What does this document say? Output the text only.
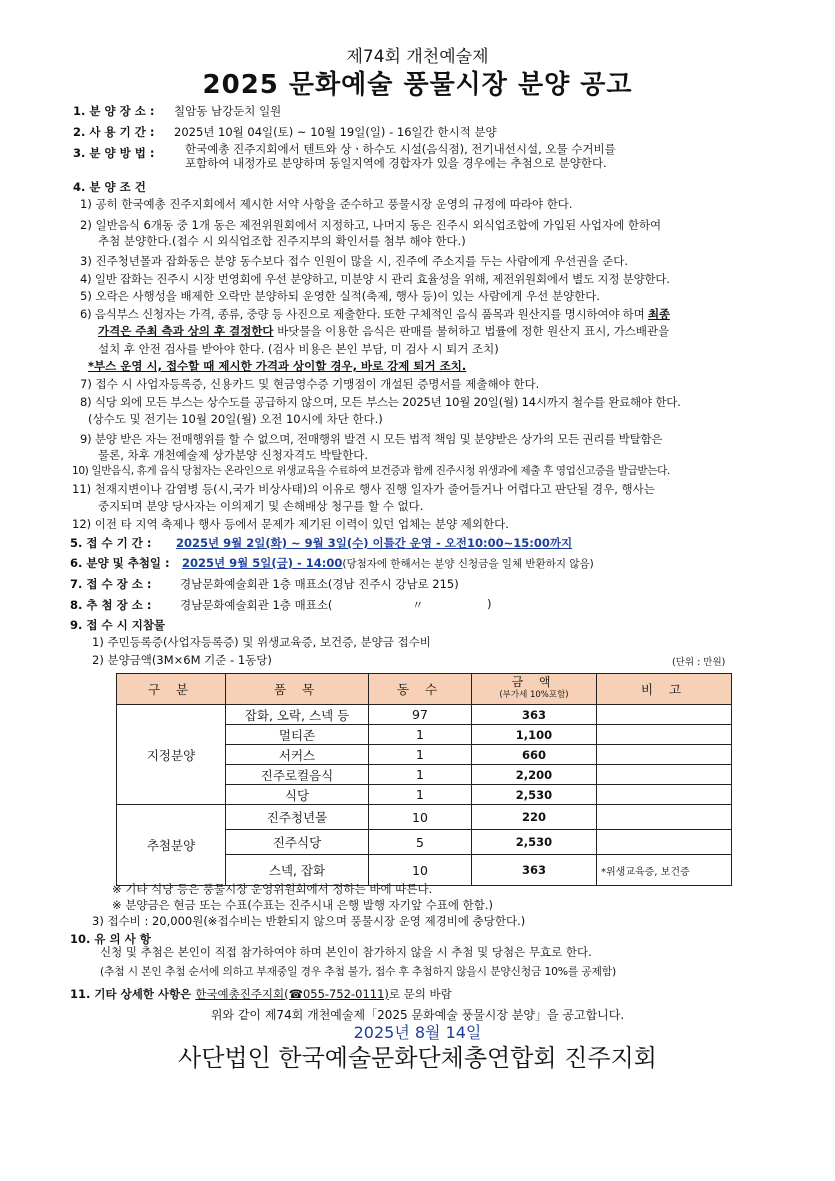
제74회 개천예술제
2025 문화예술 풍물시장 분양 공고
1. 분 양 장 소 : 칠암동 남강둔치 일원
2. 사 용 기 간 : 2025년 10월 04일(토) ~ 10월 19일(일) - 16일간 한시적 분양
3. 분 양 방 법 :	한국예총 진주지회에서 텐트와 상ㆍ하수도 시설(음식점), 전기내선시설, 오물 수거비를
포함하여 내정가로 분양하며 동일지역에 경합자가 있을 경우에는 추첨으로 분양한다.
4. 분 양 조 건
1) 공히 한국예총 진주지회에서 제시한 서약 사항을 준수하고 풍물시장 운영의 규정에 따라야 한다.
2) 일반음식 6개동 중 1개 동은 제전위원회에서 지정하고, 나머지 동은 진주시 외식업조합에 가입된 사업자에 한하여
추첨 분양한다.(접수 시 외식업조합 진주지부의 확인서를 첨부 해야 한다.)
3) 진주청년몰과 잡화동은 분양 동수보다 접수 인원이 많을 시, 진주에 주소지를 두는 사람에게 우선권을 준다.
4) 일반 잡화는 진주시 시장 번영회에 우선 분양하고, 미분양 시 관리 효율성을 위해, 제전위원회에서 별도 지정 분양한다.
5) 오락은 사행성을 배제한 오락만 분양하되 운영한 실적(축제, 행사 등)이 있는 사람에게 우선 분양한다.
6) 음식부스 신청자는 가격, 종류, 중량 등 사진으로 제출한다. 또한 구체적인 음식 품목과 원산지를 명시하여야 하며 최종
가격은 주최 측과 상의 후 결정한다 바닷물을 이용한 음식은 판매를 불허하고 법률에 정한 원산지 표시, 가스배관을
설치 후 안전 검사를 받아야 한다. (검사 비용은 본인 부담, 미 검사 시 퇴거 조치)
*부스 운영 시, 접수할 때 제시한 가격과 상이할 경우, 바로 강제 퇴거 조치.
7) 접수 시 사업자등록증, 신용카드 및 현금영수증 기맹점이 개설된 증명서를 제출해야 한다.
8) 식당 외에 모든 부스는 상수도를 공급하지 않으며, 모든 부스는 2025년 10월 20일(월) 14시까지 철수를 완료해야 한다.
(상수도 및 전기는 10월 20일(월) 오전 10시에 차단 한다.)
9) 분양 받은 자는 전매행위를 할 수 없으며, 전매행위 발견 시 모든 법적 책임 및 분양받은 상가의 모든 권리를 박탈함은
물론, 차후 개천예술제 상가분양 신청자격도 박탈한다.
10) 일반음식, 휴게 음식 당첨자는 온라인으로 위생교육을 수료하여 보건증과 함께 진주시청 위생과에 제출 후 영업신고증을 발급받는다.
11) 천재지변이나 감염병 등(시,국가 비상사태)의 이유로 행사 진행 일자가 줄어들거나 어렵다고 판단될 경우, 행사는
중지되며 분양 당사자는 이의제기 및 손해배상 청구를 할 수 없다.
12) 이전 타 지역 축제나 행사 등에서 문제가 제기된 이력이 있던 업체는 분양 제외한다.
5. 접 수 기 간 : 2025년 9월 2일(화) ~ 9월 3일(수) 이틀간 운영 - 오전10:00~15:00까지
6. 분양 및 추첨일 : 2025년 9월 5일(금) - 14:00(당첨자에 한해서는 분양 신청금을 일체 반환하지 않음)
7. 접 수 장 소 : 경남문화예술회관 1층 매표소(경남 진주시 강남로 215)
8. 추 첨 장 소 : 경남문화예술회관 1층 매표소(	〃	)
9. 접 수 시 지참물
1) 주민등록증(사업자등록증) 및 위생교육증, 보건증, 분양금 접수비
2) 분양금액(3M×6M 기준 - 1동당)	(단위 : 만원)
구 분	품 목	동 수	금 액
(부가세 10%포함)	비 고
지정분양	잡화, 오락, 스넥 등	97	363	
	멀티존	1	1,100	
	서커스	1	660	
	진주로컬음식	1	2,200	
	식당	1	2,530	
추첨분양	진주청년몰	10	220	
	진주식당	5	2,530	
	스넥, 잡화	10	363	*위생교육증, 보건증
※ 기타 식당 등은 풍물시장 운영위원회에서 정하는 바에 따른다.
※ 분양금은 현금 또는 수표(수표는 진주시내 은행 발행 자기앞 수표에 한함.)
3) 접수비 : 20,000원(※접수비는 반환되지 않으며 풍물시장 운영 제경비에 충당한다.)
10. 유 의 사 항
신청 및 추첨은 본인이 직접 참가하여야 하며 본인이 참가하지 않을 시 추첨 및 당첨은 무효로 한다.
(추첨 시 본인 추첨 순서에 의하고 부재중일 경우 추첨 불가, 접수 후 추첨하지 않을시 분양신청금 10%를 공제함)
11. 기타 상세한 사항은 한국예총진주지회(☎055-752-0111)로 문의 바람
위와 같이 제74회 개천예술제「2025 문화예술 풍물시장 분양」을 공고합니다.
2025년 8월 14일
사단법인 한국예술문화단체총연합회 진주지회
